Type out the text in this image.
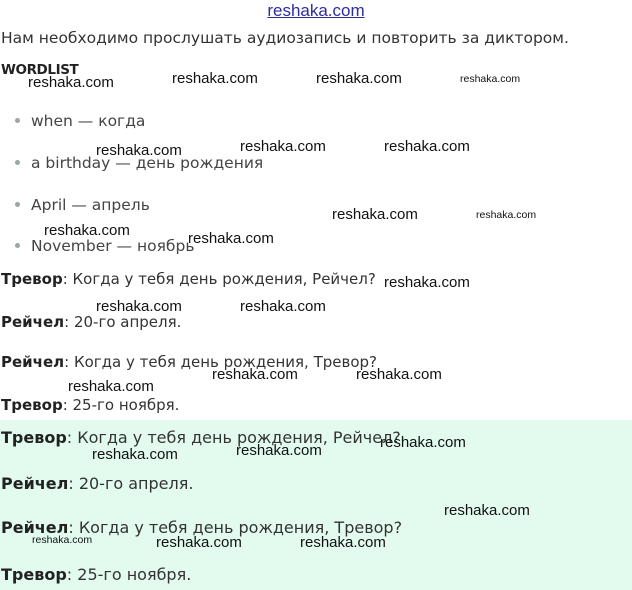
reshaka.com
Нам необходимо прослушать аудиозапись и повторить за диктором.
WORDLIST
when — когда
a birthday — день рождения
April — апрель
November — ноябрь
Тревор: Когда у тебя день рождения, Рейчел?
Рейчел: 20-го апреля.
Рейчел: Когда у тебя день рождения, Тревор?
Тревор: 25-го ноября.
Тревор: Когда у тебя день рождения, Рейчел?
Рейчел: 20-го апреля.
Рейчел: Когда у тебя день рождения, Тревор?
Тревор: 25-го ноября.
reshaka.com	reshaka.com	reshaka.com	reshaka.com
reshaka.com	reshaka.com	reshaka.com
reshaka.com	reshaka.com
reshaka.com	reshaka.com
reshaka.com
reshaka.com	reshaka.com
reshaka.com	reshaka.com
reshaka.com
reshaka.com
reshaka.com	reshaka.com
reshaka.com
reshaka.com	reshaka.com	reshaka.com
